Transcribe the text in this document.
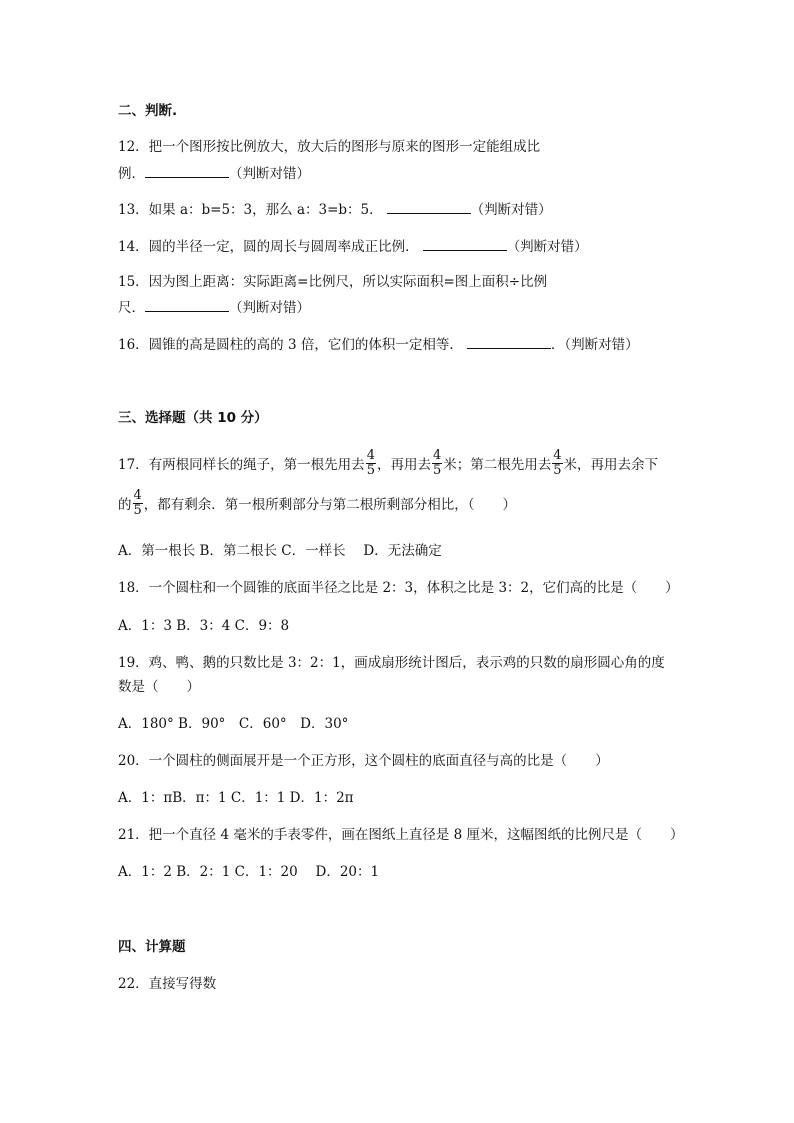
二、判断.
12．把一个图形按比例放大，放大后的图形与原来的图形一定能组成比
例．	（判断对错）
13．如果 a：b=5：3，那么 a：3=b：5．	（判断对错）
14．圆的半径一定，圆的周长与圆周率成正比例．	（判断对错）
15．因为图上距离：实际距离=比例尺，所以实际面积=图上面积÷比例
尺．	（判断对错）
16．圆锥的高是圆柱的高的 3 倍，它们的体积一定相等．	．（判断对错）
三、选择题（共 10 分）
17．有两根同样长的绳子，第一根先用去 $\frac{4}{5}$ ，再用去 $\frac{4}{5}$ 米；第二根先用去 $\frac{4}{5}$ 米，再用去余下
的 $\frac{4}{5}$ ，都有剩余．第一根所剩部分与第二根所剩部分相比，（ ）
A．第一根长 B．第二根长 C．一样长　 D．无法确定
18．一个圆柱和一个圆锥的底面半径之比是 2：3，体积之比是 3：2，它们高的比是（ ）
A．1：3 B．3：4 C．9：8
19．鸡、鸭、鹅的只数比是 3：2：1，画成扇形统计图后，表示鸡的只数的扇形圆心角的度
数是（ ）
A．180° B．90°　C．60°　D．30°
20．一个圆柱的侧面展开是一个正方形，这个圆柱的底面直径与高的比是（ ）
A．1：πB．π：1 C．1：1 D．1：2π
21．把一个直径 4 毫米的手表零件，画在图纸上直径是 8 厘米，这幅图纸的比例尺是（ ）
A．1：2 B．2：1 C．1：20　 D．20：1
四、计算题
22．直接写得数
